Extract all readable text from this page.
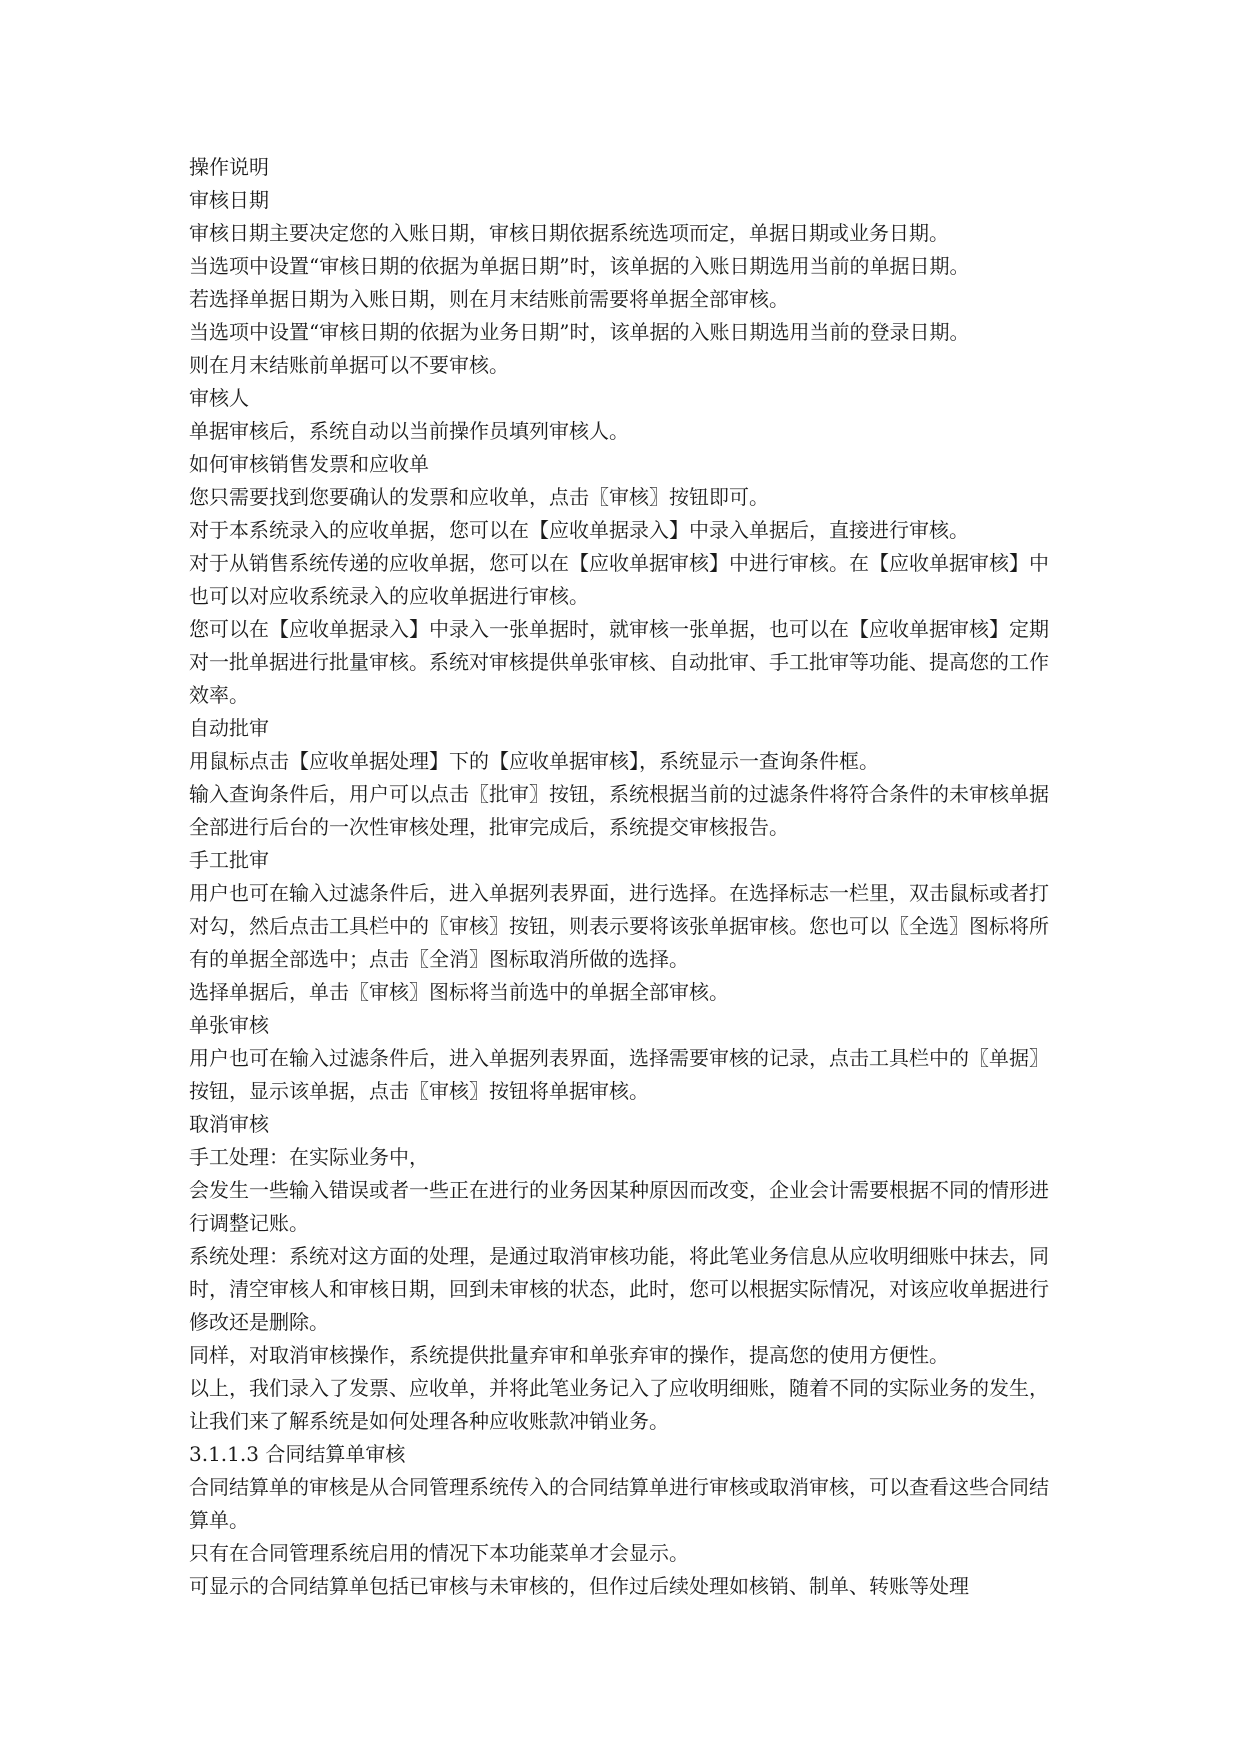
操作说明

审核日期

审核日期主要决定您的入账日期，审核日期依据系统选项而定，单据日期或业务日期。

当选项中设置“审核日期的依据为单据日期”时，该单据的入账日期选用当前的单据日期。

若选择单据日期为入账日期，则在月末结账前需要将单据全部审核。

当选项中设置“审核日期的依据为业务日期”时，该单据的入账日期选用当前的登录日期。

则在月末结账前单据可以不要审核。

审核人

单据审核后，系统自动以当前操作员填列审核人。

如何审核销售发票和应收单

您只需要找到您要确认的发票和应收单，点击〖审核〗按钮即可。

对于本系统录入的应收单据，您可以在【应收单据录入】中录入单据后，直接进行审核。

对于从销售系统传递的应收单据，您可以在【应收单据审核】中进行审核。在【应收单据审核】中也可以对应收系统录入的应收单据进行审核。

您可以在【应收单据录入】中录入一张单据时，就审核一张单据，也可以在【应收单据审核】定期对一批单据进行批量审核。系统对审核提供单张审核、自动批审、手工批审等功能、提高您的工作效率。

自动批审

用鼠标点击【应收单据处理】下的【应收单据审核】，系统显示一查询条件框。

输入查询条件后，用户可以点击〖批审〗按钮，系统根据当前的过滤条件将符合条件的未审核单据全部进行后台的一次性审核处理，批审完成后，系统提交审核报告。

手工批审

用户也可在输入过滤条件后，进入单据列表界面，进行选择。在选择标志一栏里，双击鼠标或者打对勾，然后点击工具栏中的〖审核〗按钮，则表示要将该张单据审核。您也可以〖全选〗图标将所有的单据全部选中；点击〖全消〗图标取消所做的选择。

选择单据后，单击〖审核〗图标将当前选中的单据全部审核。

单张审核

用户也可在输入过滤条件后，进入单据列表界面，选择需要审核的记录，点击工具栏中的〖单据〗按钮，显示该单据，点击〖审核〗按钮将单据审核。

取消审核

手工处理：在实际业务中，

会发生一些输入错误或者一些正在进行的业务因某种原因而改变，企业会计需要根据不同的情形进行调整记账。

系统处理：系统对这方面的处理，是通过取消审核功能，将此笔业务信息从应收明细账中抹去，同时，清空审核人和审核日期，回到未审核的状态，此时，您可以根据实际情况，对该应收单据进行修改还是删除。

同样，对取消审核操作，系统提供批量弃审和单张弃审的操作，提高您的使用方便性。

以上，我们录入了发票、应收单，并将此笔业务记入了应收明细账，随着不同的实际业务的发生，让我们来了解系统是如何处理各种应收账款冲销业务。

3.1.1.3 合同结算单审核

合同结算单的审核是从合同管理系统传入的合同结算单进行审核或取消审核，可以查看这些合同结算单。

只有在合同管理系统启用的情况下本功能菜单才会显示。

可显示的合同结算单包括已审核与未审核的，但作过后续处理如核销、制单、转账等处理
